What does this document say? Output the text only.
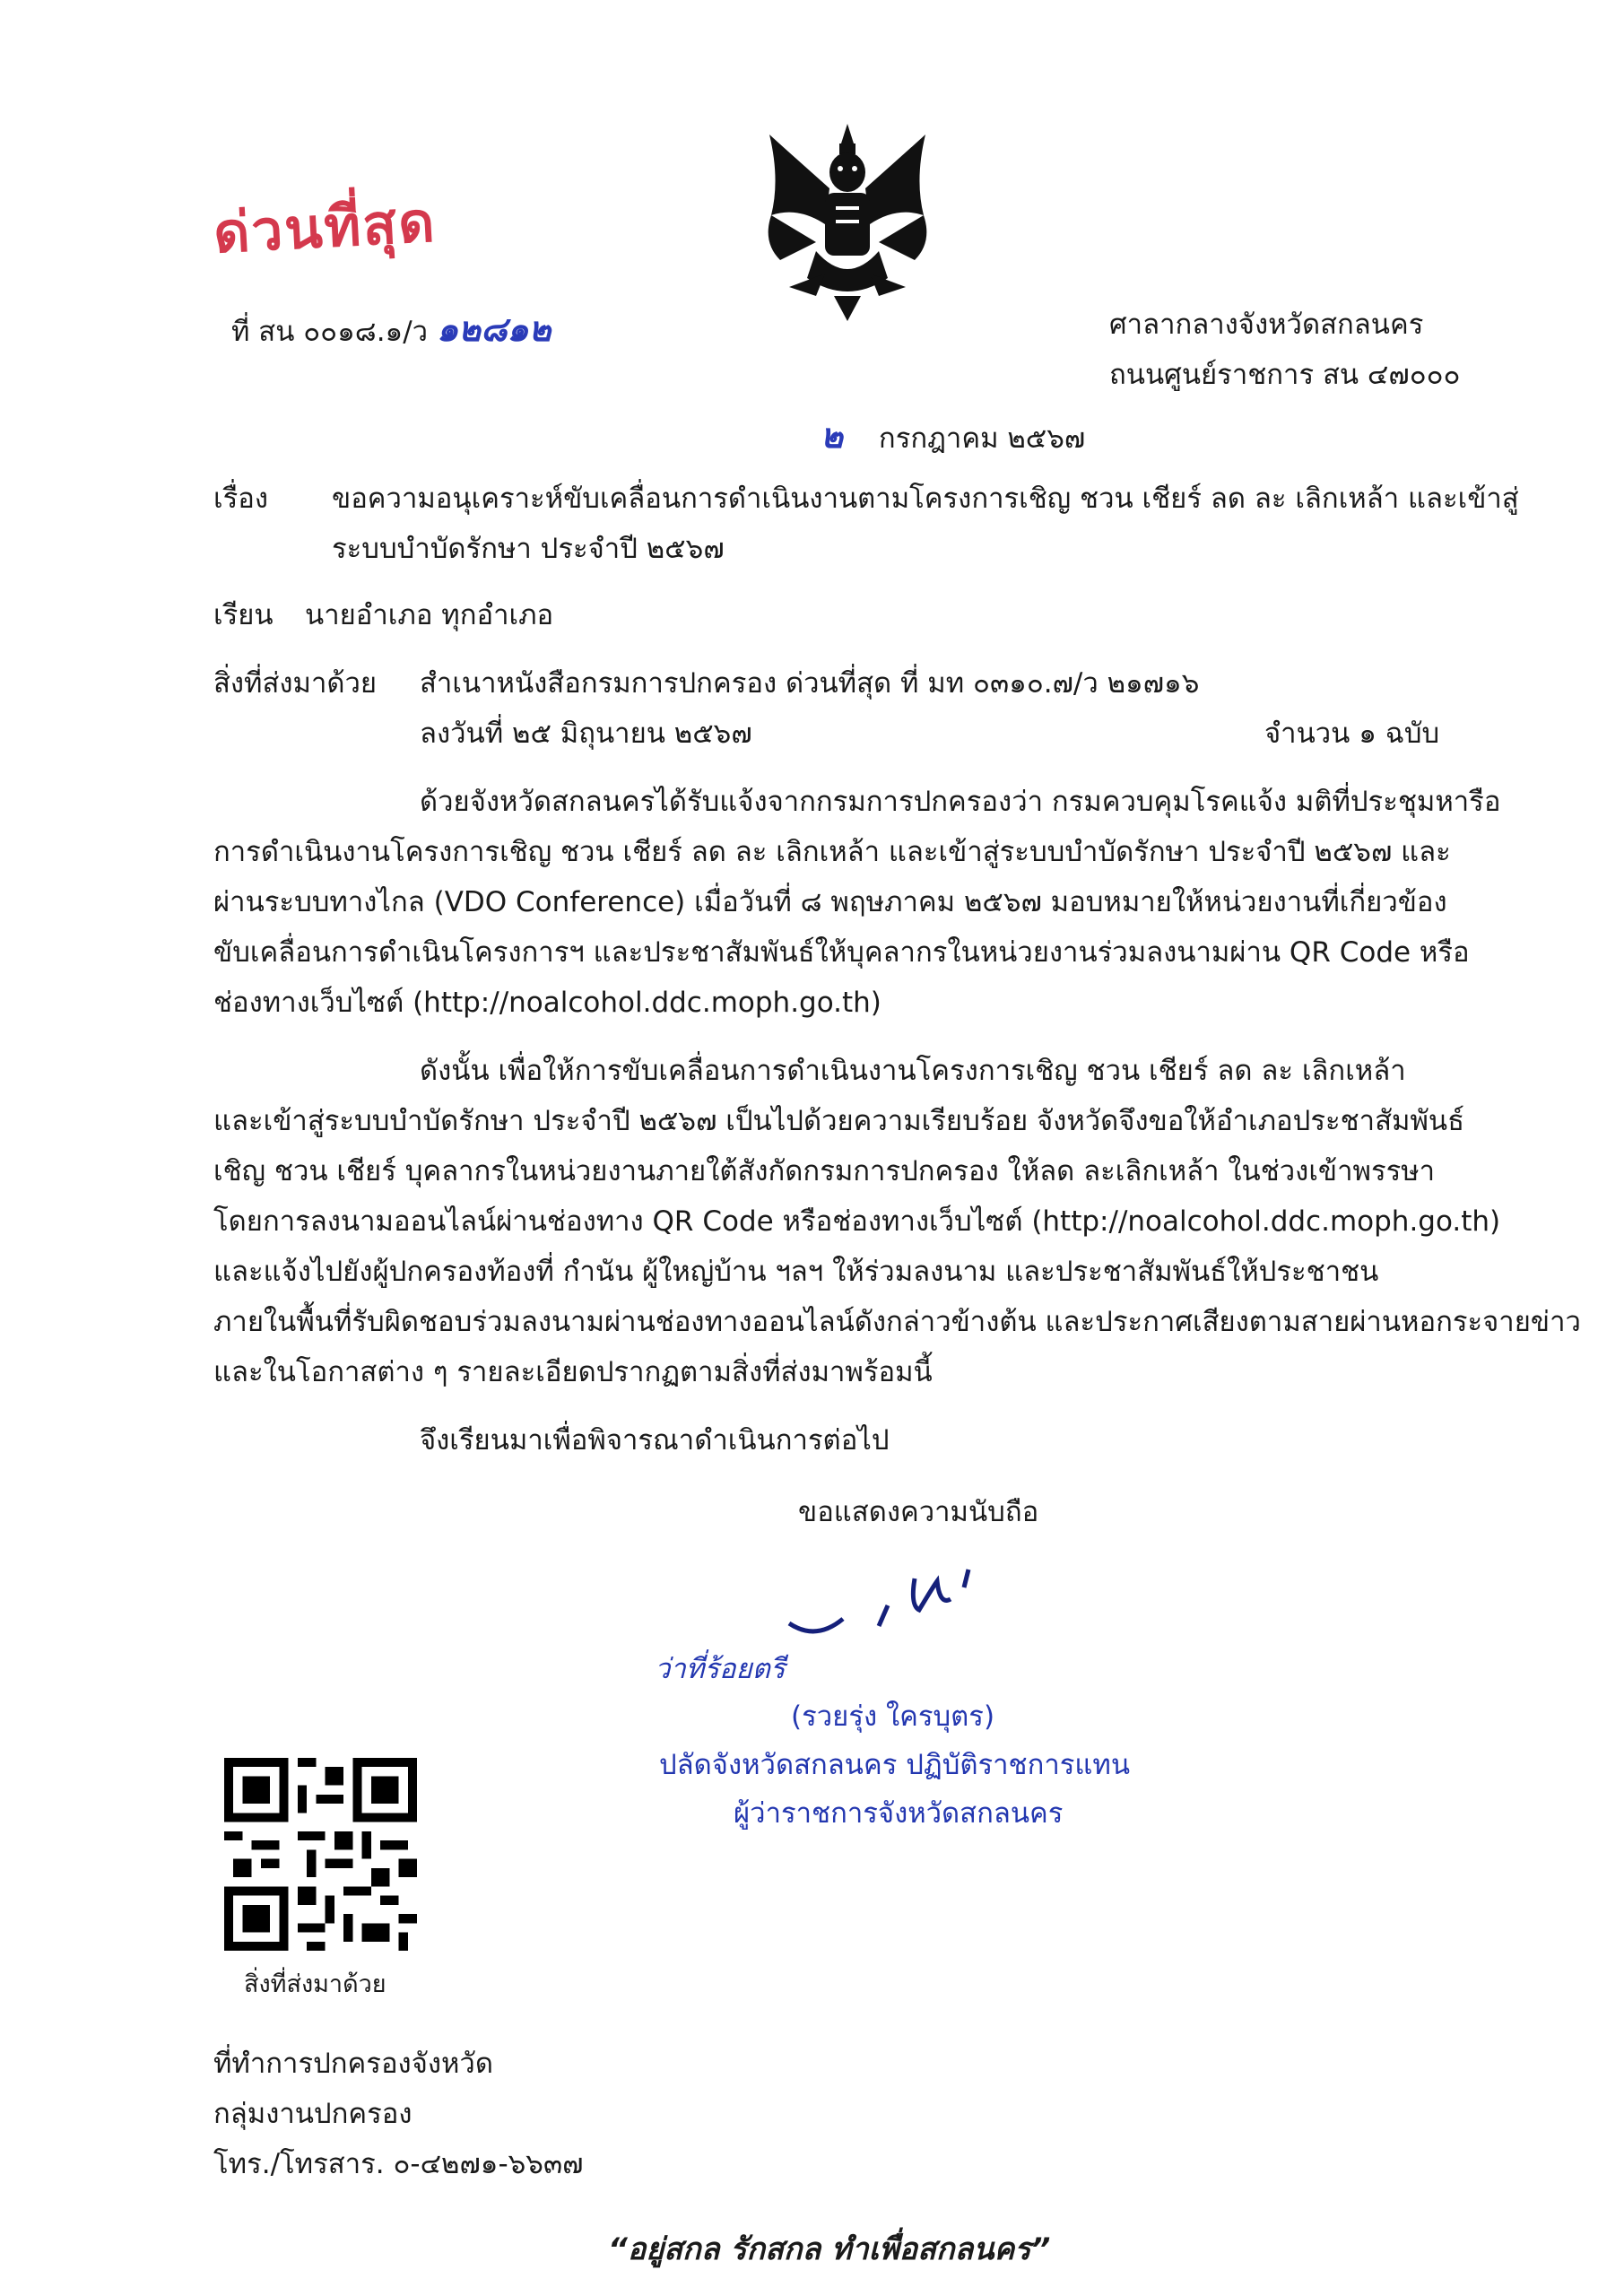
ด่วนที่สุด
ที่ สน ๐๐๑๘.๑/ว ๑๒๘๑๒	ศาลากลางจังหวัดสกลนคร
ถนนศูนย์ราชการ สน ๔๗๐๐๐
๒ กรกฎาคม ๒๕๖๗
เรื่อง ขอความอนุเคราะห์ขับเคลื่อนการดำเนินงานตามโครงการเชิญ ชวน เชียร์ ลด ละ เลิกเหล้า และเข้าสู่
ระบบบำบัดรักษา ประจำปี ๒๕๖๗
เรียน นายอำเภอ ทุกอำเภอ
สิ่งที่ส่งมาด้วย สำเนาหนังสือกรมการปกครอง ด่วนที่สุด ที่ มท ๐๓๑๐.๗/ว ๒๑๗๑๖
ลงวันที่ ๒๕ มิถุนายน ๒๕๖๗	จำนวน ๑ ฉบับ
ด้วยจังหวัดสกลนครได้รับแจ้งจากกรมการปกครองว่า กรมควบคุมโรคแจ้ง มติที่ประชุมหารือ
การดำเนินงานโครงการเชิญ ชวน เชียร์ ลด ละ เลิกเหล้า และเข้าสู่ระบบบำบัดรักษา ประจำปี ๒๕๖๗ และ
ผ่านระบบทางไกล (VDO Conference) เมื่อวันที่ ๘ พฤษภาคม ๒๕๖๗ มอบหมายให้หน่วยงานที่เกี่ยวข้อง
ขับเคลื่อนการดำเนินโครงการฯ และประชาสัมพันธ์ให้บุคลากรในหน่วยงานร่วมลงนามผ่าน QR Code หรือ
ช่องทางเว็บไซต์ (http://noalcohol.ddc.moph.go.th)
ดังนั้น เพื่อให้การขับเคลื่อนการดำเนินงานโครงการเชิญ ชวน เชียร์ ลด ละ เลิกเหล้า
และเข้าสู่ระบบบำบัดรักษา ประจำปี ๒๕๖๗ เป็นไปด้วยความเรียบร้อย จังหวัดจึงขอให้อำเภอประชาสัมพันธ์
เชิญ ชวน เชียร์ บุคลากรในหน่วยงานภายใต้สังกัดกรมการปกครอง ให้ลด ละเลิกเหล้า ในช่วงเข้าพรรษา
โดยการลงนามออนไลน์ผ่านช่องทาง QR Code หรือช่องทางเว็บไซต์ (http://noalcohol.ddc.moph.go.th)
และแจ้งไปยังผู้ปกครองท้องที่ กำนัน ผู้ใหญ่บ้าน ฯลฯ ให้ร่วมลงนาม และประชาสัมพันธ์ให้ประชาชน
ภายในพื้นที่รับผิดชอบร่วมลงนามผ่านช่องทางออนไลน์ดังกล่าวข้างต้น และประกาศเสียงตามสายผ่านหอกระจายข่าว
และในโอกาสต่าง ๆ รายละเอียดปรากฏตามสิ่งที่ส่งมาพร้อมนี้
จึงเรียนมาเพื่อพิจารณาดำเนินการต่อไป
ขอแสดงความนับถือ
ว่าที่ร้อยตรี
(รวยรุ่ง ใครบุตร)
ปลัดจังหวัดสกลนคร ปฏิบัติราชการแทน
ผู้ว่าราชการจังหวัดสกลนคร
สิ่งที่ส่งมาด้วย
ที่ทำการปกครองจังหวัด
กลุ่มงานปกครอง
โทร./โทรสาร. ๐-๔๒๗๑-๖๖๓๗
“อยู่สกล รักสกล ทำเพื่อสกลนคร”
